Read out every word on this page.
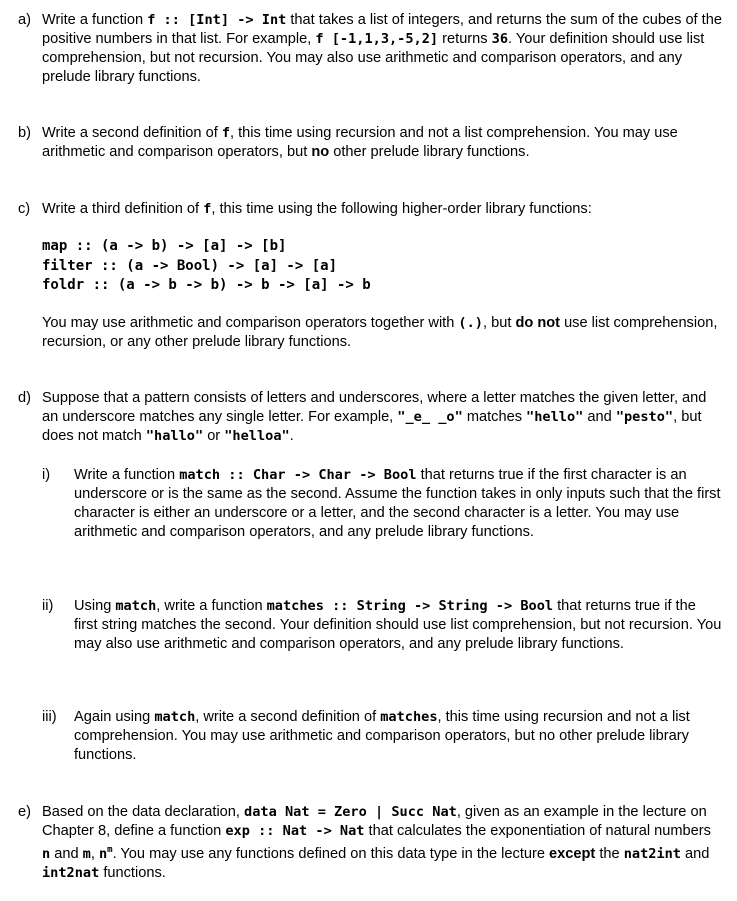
a) Write a function f :: [Int] -> Int that takes a list of integers, and returns the sum of the cubes of the positive numbers in that list. For example, f [-1,1,3,-5,2] returns 36. Your definition should use list comprehension, but not recursion. You may also use arithmetic and comparison operators, and any prelude library functions.
b) Write a second definition of f, this time using recursion and not a list comprehension. You may use arithmetic and comparison operators, but no other prelude library functions.
c) Write a third definition of f, this time using the following higher-order library functions:
map :: (a -> b) -> [a] -> [b]
filter :: (a -> Bool) -> [a] -> [a]
foldr :: (a -> b -> b) -> b -> [a] -> b
You may use arithmetic and comparison operators together with (.), but do not use list comprehension, recursion, or any other prelude library functions.
d) Suppose that a pattern consists of letters and underscores, where a letter matches the given letter, and an underscore matches any single letter. For example, "_e_ _o" matches "hello" and "pesto", but does not match "hallo" or "helloa".
i) Write a function match :: Char -> Char -> Bool that returns true if the first character is an underscore or is the same as the second. Assume the function takes in only inputs such that the first character is either an underscore or a letter, and the second character is a letter. You may use arithmetic and comparison operators, and any prelude library functions.
ii) Using match, write a function matches :: String -> String -> Bool that returns true if the first string matches the second. Your definition should use list comprehension, but not recursion. You may also use arithmetic and comparison operators, and any prelude library functions.
iii) Again using match, write a second definition of matches, this time using recursion and not a list comprehension. You may use arithmetic and comparison operators, but no other prelude library functions.
e) Based on the data declaration, data Nat = Zero | Succ Nat, given as an example in the lecture on Chapter 8, define a function exp :: Nat -> Nat that calculates the exponentiation of natural numbers n and m, $n^m$. You may use any functions defined on this data type in the lecture except the nat2int and int2nat functions.
